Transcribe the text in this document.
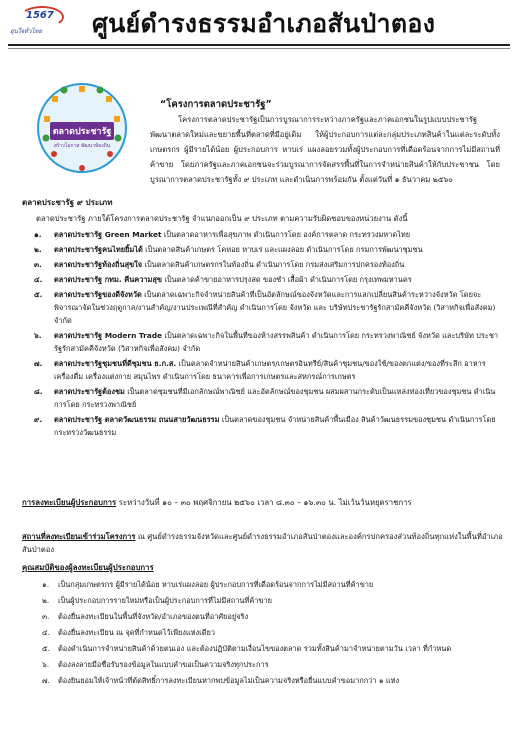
1567
อุ่นใจทั่วไทย ศูนย์ดำรงธรรมอำเภอสันป่าตอง
ตลาดประชารัฐ
สร้างโอกาส พัฒนาท้องถิ่น
“โครงการตลาดประชารัฐ”
โครงการตลาดประชารัฐเป็นการบูรณาการระหว่างภาครัฐและภาคเอกชนในรูปแบบประชารัฐ พัฒนาตลาดใหม่และขยายพื้นที่ตลาดที่มีอยู่เดิม ให้ผู้ประกอบการแต่ละกลุ่มประเภทสินค้าในแต่ละระดับทั้งเกษตรกร ผู้มีรายได้น้อย ผู้ประกอบการ หาบเร่ แผงลอยรวมทั้งผู้ประกอบการที่เดือดร้อนจากการไม่มีสถานที่ค้าขาย โดยภาครัฐและภาคเอกชนจะร่วมบูรณาการจัดสรรพื้นที่ในการจำหน่ายสินค้าให้กับประชาชน โดยบูรณาการตลาดประชารัฐทั้ง ๙ ประเภท และดำเนินการพร้อมกัน ตั้งแต่วันที่ ๑ ธันวาคม ๒๕๖๐
ตลาดประชารัฐ ๙ ประเภท
ตลาดประชารัฐ ภายใต้โครงการตลาดประชารัฐ จำแนกออกเป็น ๙ ประเภท ตามความรับผิดชอบของหน่วยงาน ดังนี้
๑. ตลาดประชารัฐ Green Market เป็นตลาดอาหารเพื่อสุขภาพ ดำเนินการโดย องค์การตลาด กระทรวงมหาดไทย
๒. ตลาดประชารัฐคนไทยยิ้มได้ เป็นตลาดสินค้าเกษตร โคหอย หาบเร่ และแผงลอย ดำเนินการโดย กรมการพัฒนาชุมชน
๓. ตลาดประชารัฐท้องถิ่นสุขใจ เป็นตลาดสินค้าเกษตรกรในท้องถิ่น ดำเนินการโดย กรมส่งเสริมการปกครองท้องถิ่น
๔. ตลาดประชารัฐ กทม. คืนความสุข เป็นตลาดค้าขายอาหารปรุงสด ของชำ เสื้อผ้า ดำเนินการโดย กรุงเทพมหานคร
๕. ตลาดประชารัฐของดีจังหวัด เป็นตลาดเฉพาะกิจจำหน่ายสินค้าที่เป็นอัตลักษณ์ของจังหวัดและการแลกเปลี่ยนสินค้าระหว่างจังหวัด โดยจะพิจารณาจัดในช่วงฤดูกาล/งานสำคัญ/งานประเพณีที่สำคัญ ดำเนินการโดย จังหวัด และ บริษัทประชารัฐรักสามัคคีจังหวัด (วิสาหกิจเพื่อสังคม) จำกัด
๖. ตลาดประชารัฐ Modern Trade เป็นตลาดเฉพาะกิจในพื้นที่ของห้างสรรพสินค้า ดำเนินการโดย กระทรวงพาณิชย์ จังหวัด และบริษัท ประชารัฐรักสามัคคีจังหวัด (วิสาหกิจเพื่อสังคม) จำกัด
๗. ตลาดประชารัฐชุมชนที่ดีชุมชน ธ.ก.ส. เป็นตลาดจำหน่ายสินค้าเกษตร/เกษตรอินทรีย์/สินค้าชุมชน/ของใช้/ของตกแต่ง/ของที่ระลึก อาหาร เครื่องดื่ม เครื่องแต่งกาย สมุนไพร ดำเนินการโดย ธนาคารเพื่อการเกษตรและสหกรณ์การเกษตร
๘. ตลาดประชารัฐต้องชม เป็นตลาดชุมชนที่มีเอกลักษณ์พาณิชย์ และอัตลักษณ์ของชุมชน ผสมผสานกระตับเป็นแหล่งท่องเที่ยวของชุมชน ดำเนินการโดย กระทรวงพาณิชย์
๙. ตลาดประชารัฐ ตลาดวัฒนธรรม ถนนสายวัฒนธรรม เป็นตลาดของชุมชน จำหน่ายสินค้าพื้นเมือง สินค้าวัฒนธรรมของชุมชน ดำเนินการโดย กระทรวงวัฒนธรรม
การลงทะเบียนผู้ประกอบการ ระหว่างวันที่ ๑๐ – ๓๐ พฤศจิกายน ๒๕๖๐ เวลา ๘.๓๐ – ๑๖.๓๐ น. ไม่เว้นวันหยุดราชการ
สถานที่ลงทะเบียนเข้าร่วมโครงการ ณ ศูนย์ดำรงธรรมจังหวัดและศูนย์ดำรงธรรมอำเภอสันป่าตองและองค์กรปกครองส่วนท้องถิ่นทุกแห่งในพื้นที่อำเภอสันป่าตอง
คุณสมบัติของผู้ลงทะเบียนผู้ประกอบการ
๑. เป็นกลุ่มเกษตรกร ผู้มีรายได้น้อย หาบเร่แผงลอย ผู้ประกอบการที่เดือดร้อนจากการไม่มีสถานที่ค้าขาย
๒. เป็นผู้ประกอบการรายใหม่หรือเป็นผู้ประกอบการที่ไม่มีสถานที่ค้าขาย
๓. ต้องยื่นลงทะเบียนในพื้นที่จังหวัด/อำเภอของตนที่อาศัยอยู่จริง
๔. ต้องยื่นลงทะเบียน ณ จุดที่กำหนดไว้เพียงแห่งเดียว
๕. ต้องดำเนินการจำหน่ายสินค้าด้วยตนเอง และต้องปฏิบัติตามเงื่อนไขของตลาด รวมทั้งสินค้ามาจำหน่ายตามวัน เวลา ที่กำหนด
๖. ต้องลงลายมือชื่อรับรองข้อมูลในแบบคำขอเป็นความจริงทุกประการ
๗. ต้องยินยอมให้เจ้าหน้าที่ตัดสิทธิ์การลงทะเบียนหากพบข้อมูลไม่เป็นความจริงหรือยื่นแบบคำขอมากกว่า ๑ แห่ง
